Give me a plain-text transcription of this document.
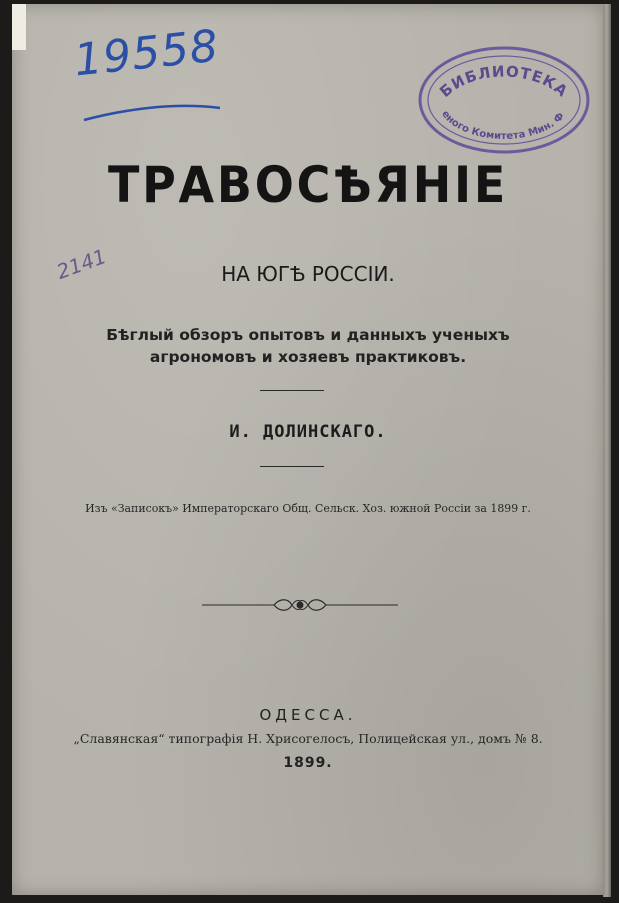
19558
2141
БИБЛИОТЕКА
еного Комитета Мин. Ф
ТРАВОСѢЯНІЕ
НА ЮГѢ РОССІИ.
Бѣглый обзоръ опытовъ и данныхъ ученыхъ
агрономовъ и хозяевъ практиковъ.
И. ДОЛИНСКАГО.
Изъ «Записокъ» Императорскаго Общ. Сельск. Хоз. южной Россіи за 1899 г.
ОДЕССА.
„Славянская“ типографія Н. Хрисогелосъ, Полицейская ул., домъ № 8.
1899.
